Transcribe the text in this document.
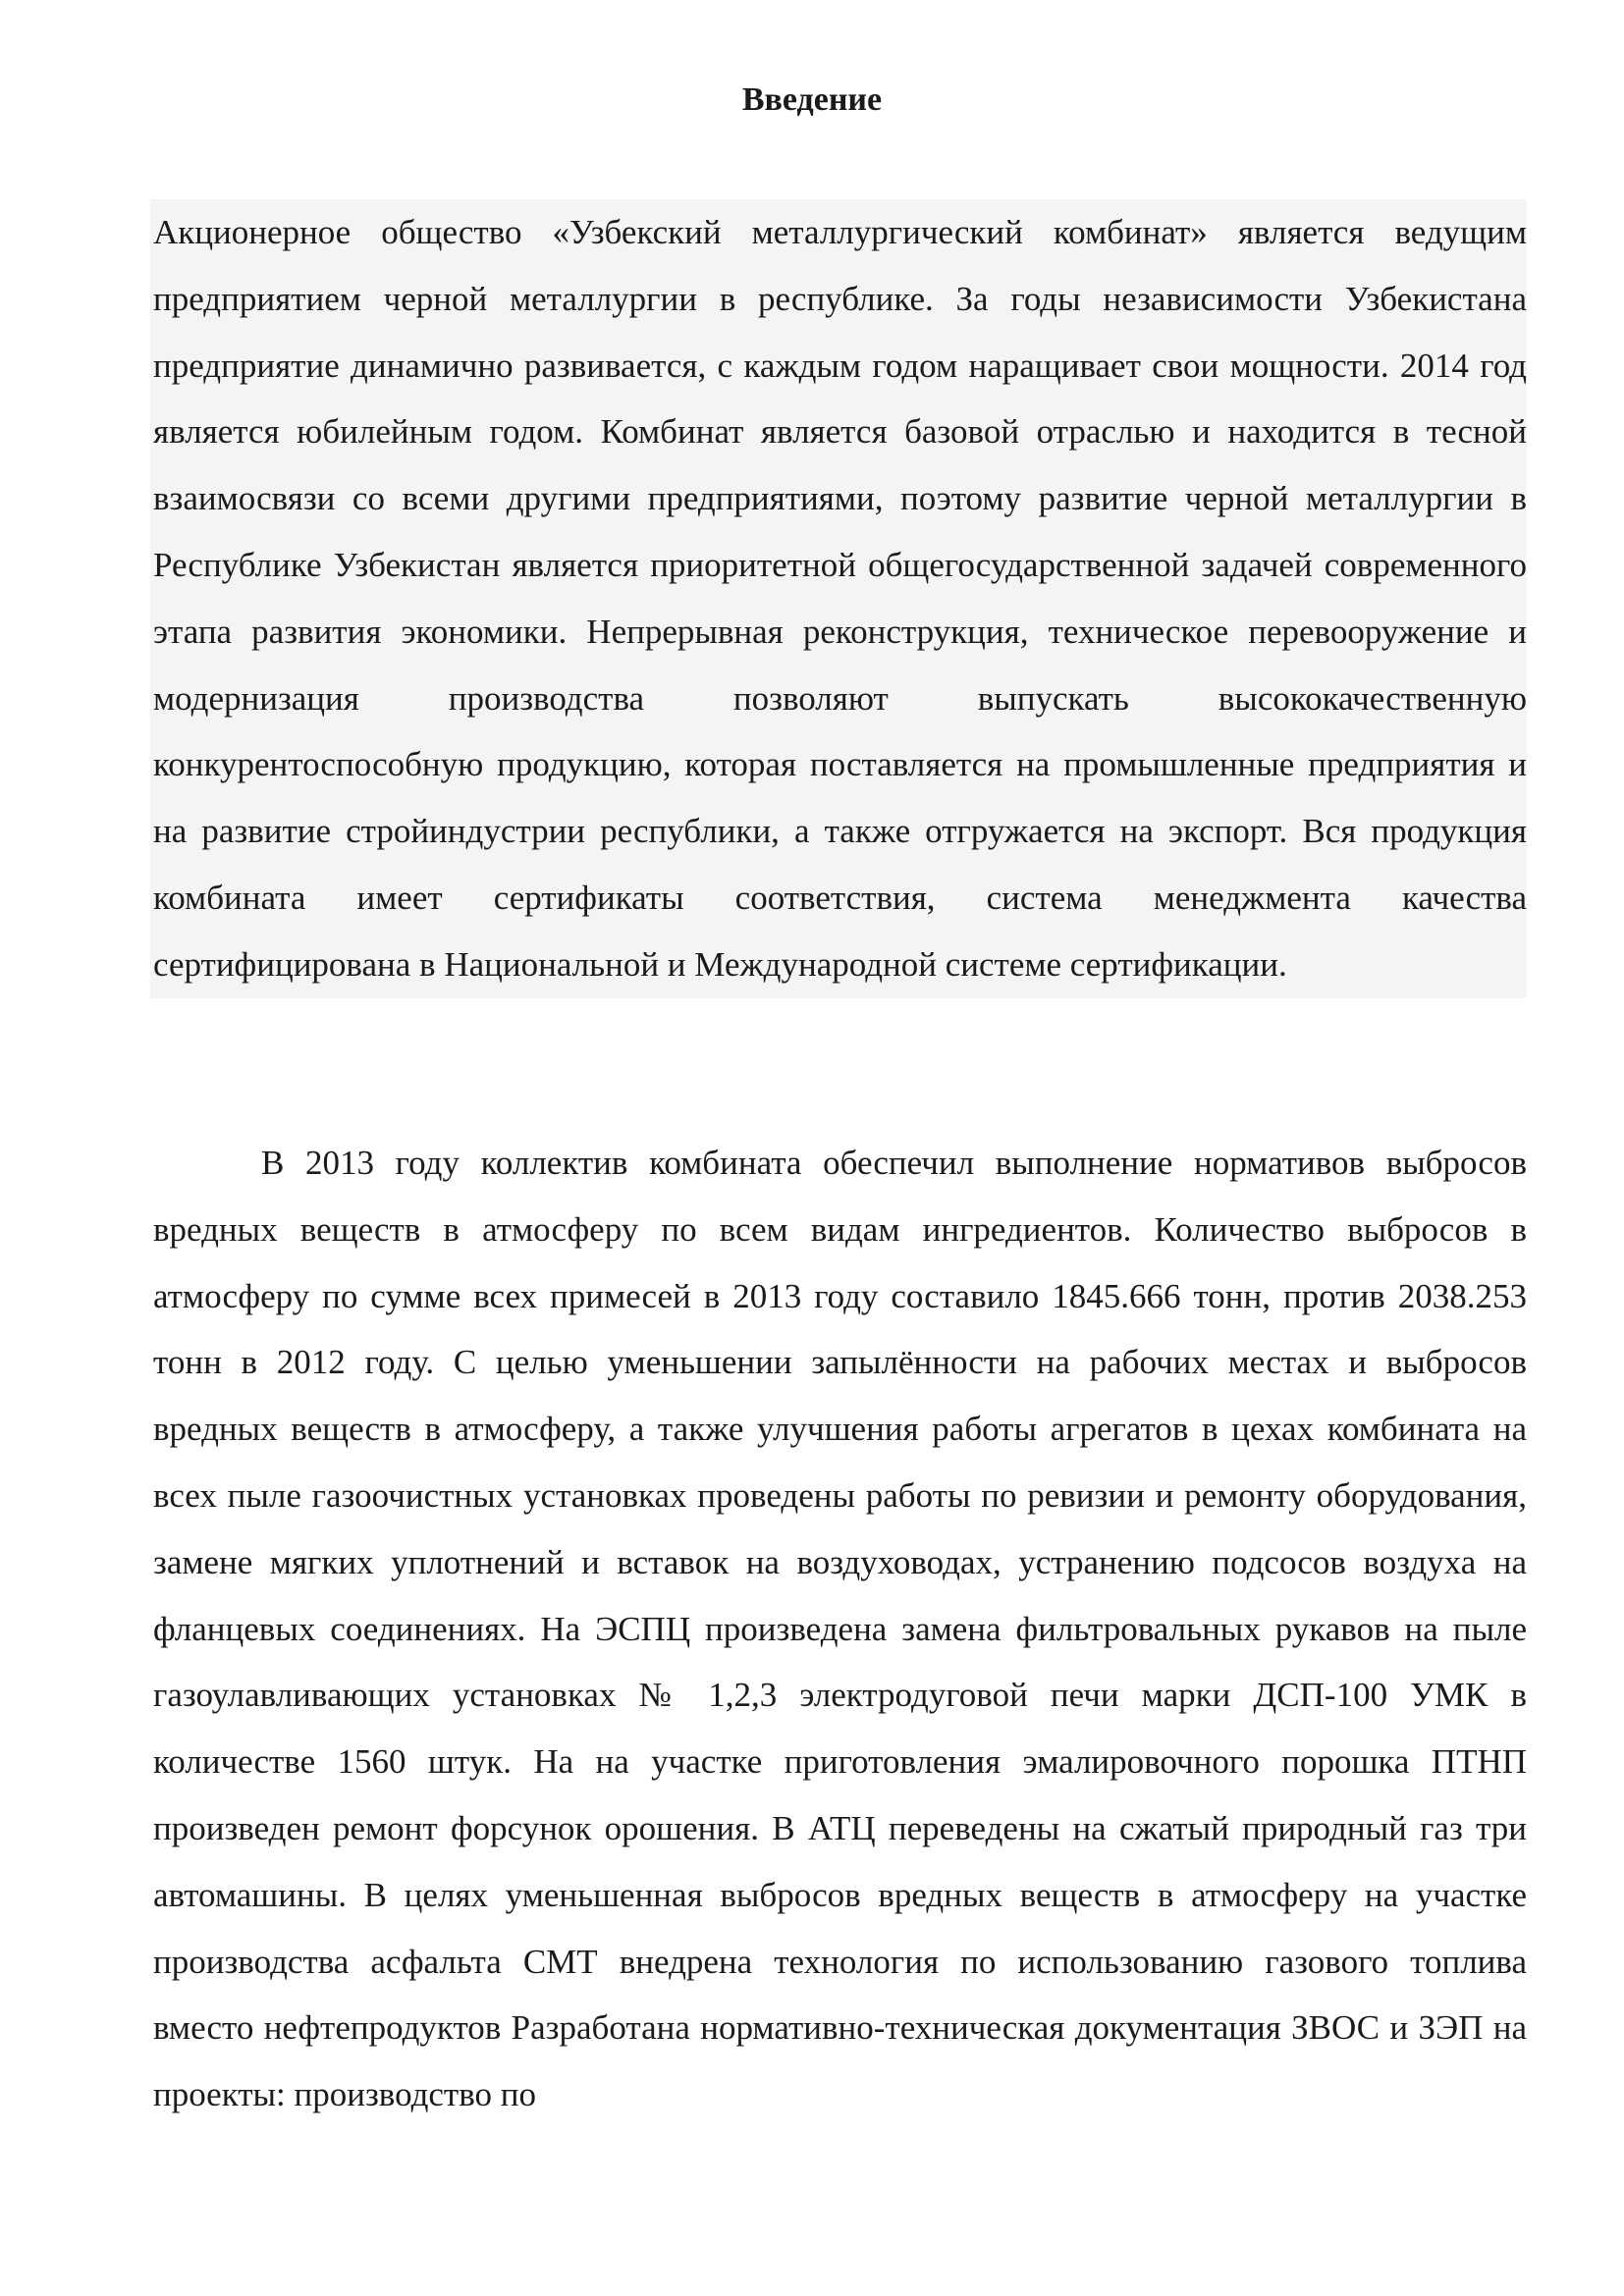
Введение

Акционерное общество «Узбекский металлургический комбинат» является ведущим предприятием черной металлургии в республике. За годы независимости Узбекистана предприятие динамично развивается, с каждым годом наращивает свои мощности. 2014 год является юбилейным годом. Комбинат является базовой отраслью и находится в тесной взаимосвязи со всеми другими предприятиями, поэтому развитие черной металлургии в Республике Узбекистан является приоритетной общегосударственной задачей современного этапа развития экономики. Непрерывная реконструкция, техническое перевооружение и модернизация производства позволяют выпускать высококачественную конкурентоспособную продукцию, которая поставляется на промышленные предприятия и на развитие стройиндустрии республики, а также отгружается на экспорт. Вся продукция комбината имеет сертификаты соответствия, система менеджмента качества сертифицирована в Национальной и Международной системе сертификации.

В 2013 году коллектив комбината обеспечил выполнение нормативов выбросов вредных веществ в атмосферу по всем видам ингредиентов. Количество выбросов в атмосферу по сумме всех примесей в 2013 году составило 1845.666 тонн, против 2038.253 тонн в 2012 году. С целью уменьшении запылённости на рабочих местах и выбросов вредных веществ в атмосферу, а также улучшения работы агрегатов в цехах комбината на всех пыле газоочистных установках проведены работы по ревизии и ремонту оборудования, замене мягких уплотнений и вставок на воздуховодах, устранению подсосов воздуха на фланцевых соединениях. На ЭСПЦ произведена замена фильтровальных рукавов на пыле газоулавливающих установках № 1,2,3 электродуговой печи марки ДСП-100 УМК в количестве 1560 штук. На на участке приготовления эмалировочного порошка ПТНП произведен ремонт форсунок орошения. В АТЦ переведены на сжатый природный газ три автомашины. В целях уменьшенная выбросов вредных веществ в атмосферу на участке производства асфальта СМТ внедрена технология по использованию газового топлива вместо нефтепродуктов Разработана нормативно-техническая документация ЗВОС и ЗЭП на проекты: производство по
